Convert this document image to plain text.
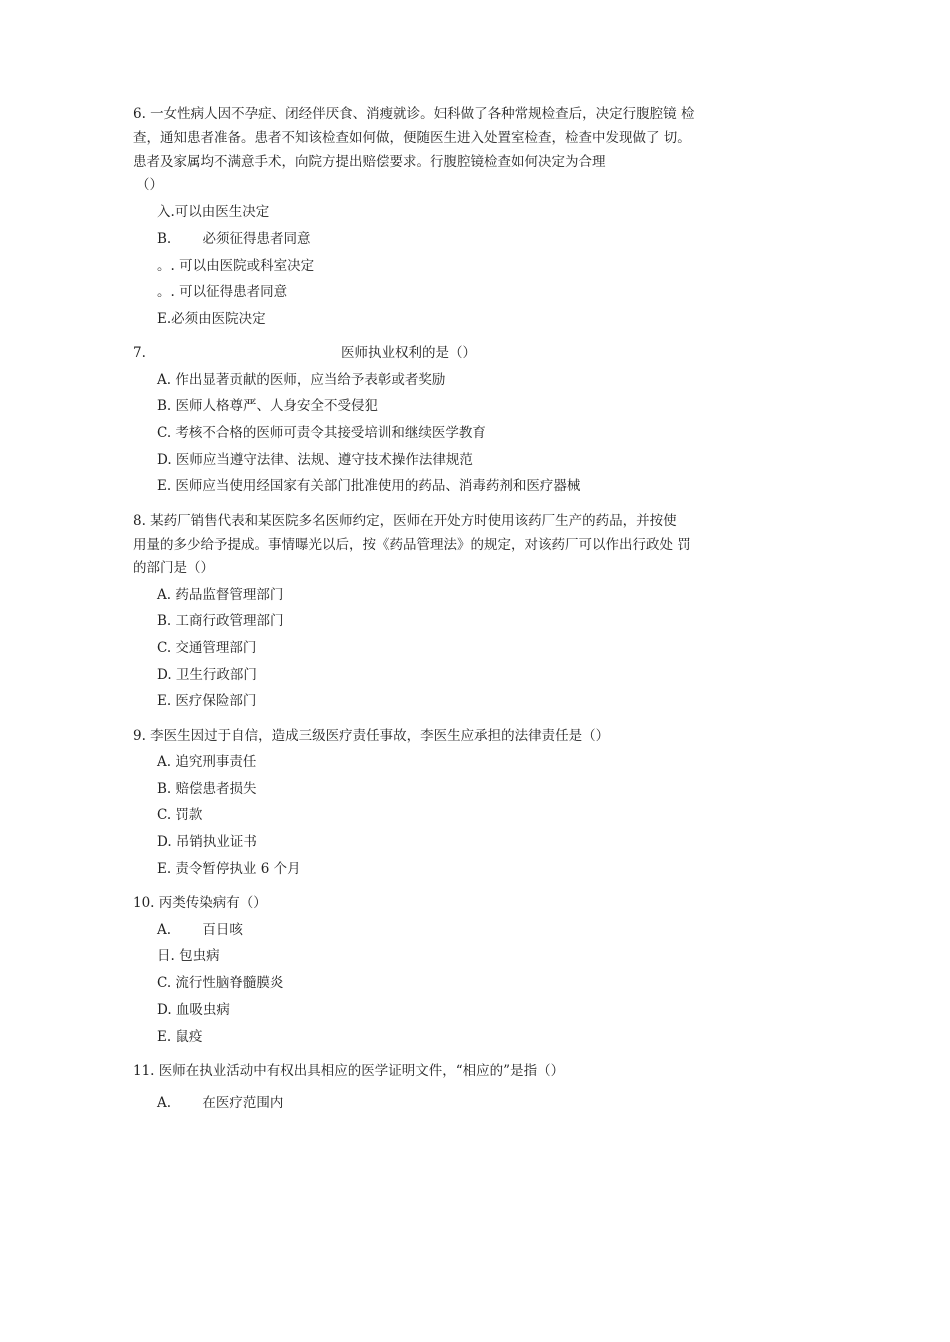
6. 一女性病人因不孕症、闭经伴厌食、消瘦就诊。妇科做了各种常规检查后，决定行腹腔镜 检
查，通知患者准备。患者不知该检查如何做，便随医生进入处置室检查，检查中发现做了 切。
患者及家属均不满意手术，向院方提出赔偿要求。行腹腔镜检查如何决定为合理
（）
入.可以由医生决定
B.　　 必须征得患者同意
。. 可以由医院或科室决定
。. 可以征得患者同意
E.必须由医院决定
7.	医师执业权利的是（）
A. 作出显著贡献的医师，应当给予表彰或者奖励
B. 医师人格尊严、人身安全不受侵犯
C. 考核不合格的医师可责令其接受培训和继续医学教育
D. 医师应当遵守法律、法规、遵守技术操作法律规范
E. 医师应当使用经国家有关部门批准使用的药品、消毒药剂和医疗器械
8. 某药厂销售代表和某医院多名医师约定，医师在开处方时使用该药厂生产的药品，并按使
用量的多少给予提成。事情曝光以后，按《药品管理法》的规定，对该药厂可以作出行政处 罚
的部门是（）
A. 药品监督管理部门
B. 工商行政管理部门
C. 交通管理部门
D. 卫生行政部门
E. 医疗保险部门
9. 李医生因过于自信，造成三级医疗责任事故，李医生应承担的法律责任是（）
A. 追究刑事责任
B. 赔偿患者损失
C. 罚款
D. 吊销执业证书
E. 责令暂停执业 6 个月
10. 丙类传染病有（）
A.　　 百日咳
日. 包虫病
C. 流行性脑脊髓膜炎
D. 血吸虫病
E. 鼠疫
11. 医师在执业活动中有权出具相应的医学证明文件，“相应的”是指（）
A.　　 在医疗范围内
